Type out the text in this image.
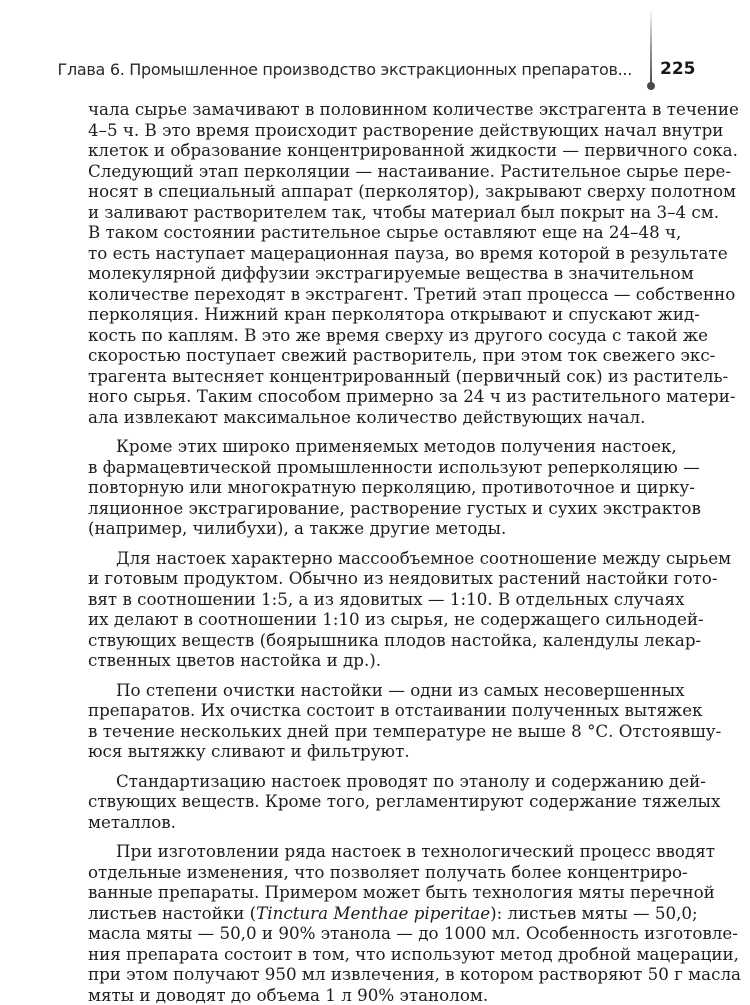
Глава 6. Промышленное производство экстракционных препаратов... 225
чала сырье замачивают в половинном количестве экстрагента в течение
4–5 ч. В это время происходит растворение действующих начал внутри
клеток и образование концентрированной жидкости — первичного сока.
Следующий этап перколяции — настаивание. Растительное сырье пере-
носят в специальный аппарат (перколятор), закрывают сверху полотном
и заливают растворителем так, чтобы материал был покрыт на 3–4 см.
В таком состоянии растительное сырье оставляют еще на 24–48 ч,
то есть наступает мацерационная пауза, во время которой в результате
молекулярной диффузии экстрагируемые вещества в значительном
количестве переходят в экстрагент. Третий этап процесса — собственно
перколяция. Нижний кран перколятора открывают и спускают жид-
кость по каплям. В это же время сверху из другого сосуда с такой же
скоростью поступает свежий растворитель, при этом ток свежего экс-
трагента вытесняет концентрированный (первичный сок) из раститель-
ного сырья. Таким способом примерно за 24 ч из растительного матери-
ала извлекают максимальное количество действующих начал.
Кроме этих широко применяемых методов получения настоек,
в фармацевтической промышленности используют реперколяцию —
повторную или многократную перколяцию, противоточное и цирку-
ляционное экстрагирование, растворение густых и сухих экстрактов
(например, чилибухи), а также другие методы.
Для настоек характерно массообъемное соотношение между сырьем
и готовым продуктом. Обычно из неядовитых растений настойки гото-
вят в соотношении 1:5, а из ядовитых — 1:10. В отдельных случаях
их делают в соотношении 1:10 из сырья, не содержащего сильнодей-
ствующих веществ (боярышника плодов настойка, календулы лекар-
ственных цветов настойка и др.).
По степени очистки настойки — одни из самых несовершенных
препаратов. Их очистка состоит в отстаивании полученных вытяжек
в течение нескольких дней при температуре не выше 8 °С. Отстоявшу-
юся вытяжку сливают и фильтруют.
Стандартизацию настоек проводят по этанолу и содержанию дей-
ствующих веществ. Кроме того, регламентируют содержание тяжелых
металлов.
При изготовлении ряда настоек в технологический процесс вводят
отдельные изменения, что позволяет получать более концентриро-
ванные препараты. Примером может быть технология мяты перечной
листьев настойки (Tinctura Menthae piperitae): листьев мяты — 50,0;
масла мяты — 50,0 и 90% этанола — до 1000 мл. Особенность изготовле-
ния препарата состоит в том, что используют метод дробной мацерации,
при этом получают 950 мл извлечения, в котором растворяют 50 г масла
мяты и доводят до объема 1 л 90% этанолом.
